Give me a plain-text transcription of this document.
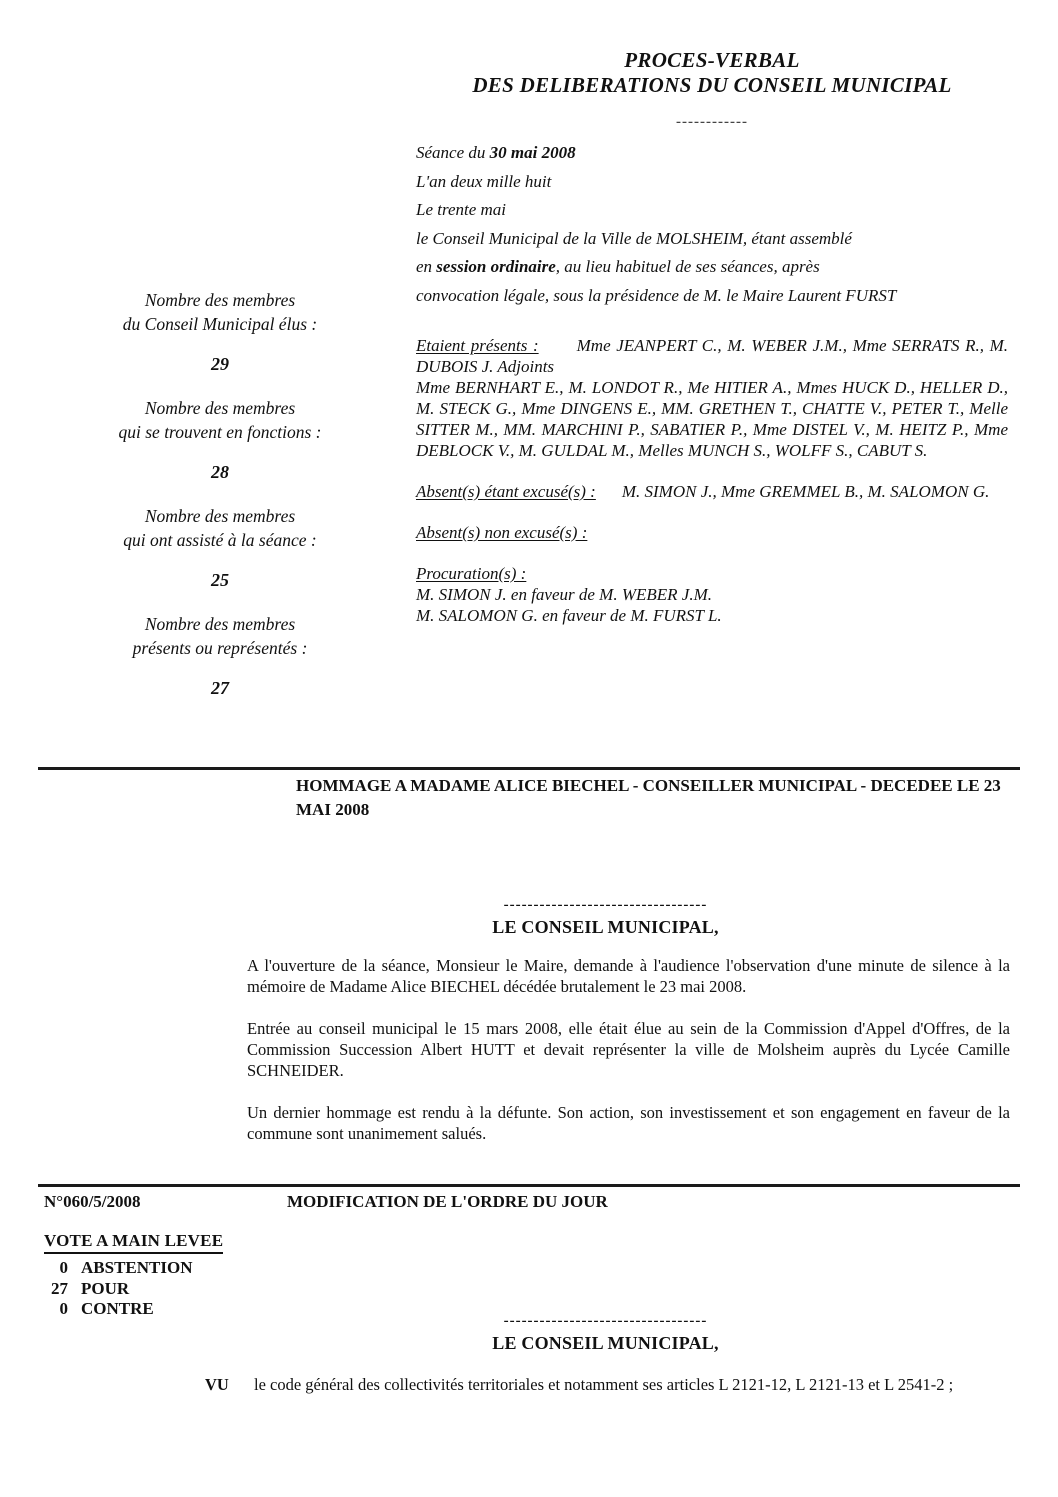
Nombre des membres
du Conseil Municipal élus :
29
Nombre des membres
qui se trouvent en fonctions :
28
Nombre des membres
qui ont assisté à la séance :
25
Nombre des membres
présents ou représentés :
27
PROCES-VERBAL
DES DELIBERATIONS DU CONSEIL MUNICIPAL
------------
Séance du 30 mai 2008
L'an deux mille huit
Le trente mai
le Conseil Municipal de la Ville de MOLSHEIM, étant assemblé
en session ordinaire, au lieu habituel de ses séances, après
convocation légale, sous la présidence de M. le Maire Laurent FURST

Etaient présents : Mme JEANPERT C., M. WEBER J.M., Mme SERRATS R., M. DUBOIS J. Adjoints

Mme BERNHART E., M. LONDOT R., Me HITIER A., Mmes HUCK D., HELLER D., M. STECK G., Mme DINGENS E., MM. GRETHEN T., CHATTE V., PETER T., Melle SITTER M., MM. MARCHINI P., SABATIER P., Mme DISTEL V., M. HEITZ P., Mme DEBLOCK V., M. GULDAL M., Melles MUNCH S., WOLFF S., CABUT S.

Absent(s) étant excusé(s) : M. SIMON J., Mme GREMMEL B., M. SALOMON G.

Absent(s) non excusé(s) :

Procuration(s) :
M. SIMON J. en faveur de M. WEBER J.M.
M. SALOMON G. en faveur de M. FURST L.

HOMMAGE A MADAME ALICE BIECHEL - CONSEILLER MUNICIPAL - DECEDEE LE 23 MAI 2008
----------------------------------
LE CONSEIL MUNICIPAL,

A l'ouverture de la séance, Monsieur le Maire, demande à l'audience l'observation d'une minute de silence à la mémoire de Madame Alice BIECHEL décédée brutalement le 23 mai 2008.

Entrée au conseil municipal le 15 mars 2008, elle était élue au sein de la Commission d'Appel d'Offres, de la Commission Succession Albert HUTT et devait représenter la ville de Molsheim auprès du Lycée Camille SCHNEIDER.

Un dernier hommage est rendu à la défunte. Son action, son investissement et son engagement en faveur de la commune sont unanimement salués.

N°060/5/2008	MODIFICATION DE L'ORDRE DU JOUR
VOTE A MAIN LEVEE
0 ABSTENTION
27 POUR
0 CONTRE
----------------------------------
LE CONSEIL MUNICIPAL,
VU	le code général des collectivités territoriales et notamment ses articles L 2121-12, L 2121-13 et L 2541-2 ;
